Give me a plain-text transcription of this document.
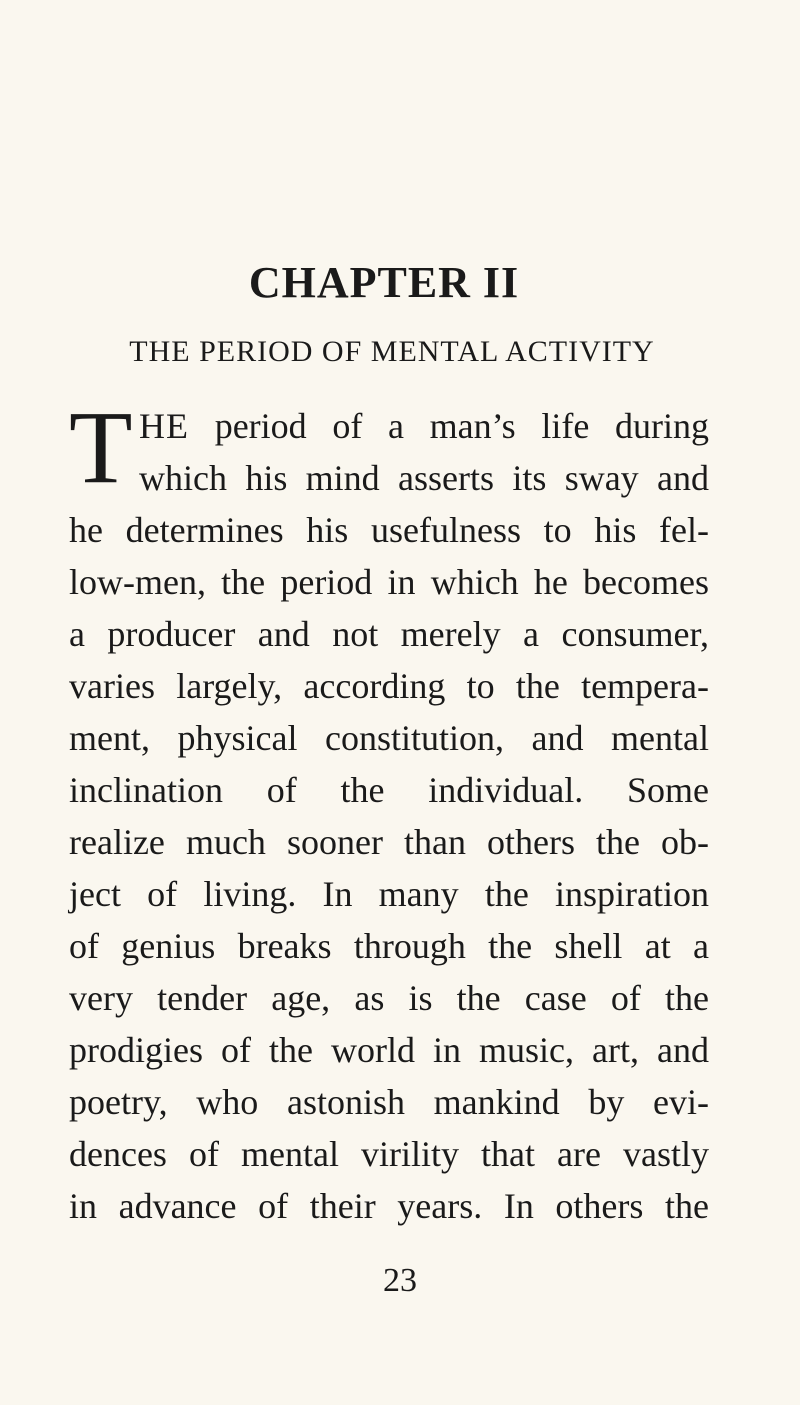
CHAPTER II
THE PERIOD OF MENTAL ACTIVITY
T HE period of a man’s life during
which his mind asserts its sway and
he determines his usefulness to his fel-
low-men, the period in which he becomes
a producer and not merely a consumer,
varies largely, according to the tempera-
ment, physical constitution, and mental
inclination of the individual. Some
realize much sooner than others the ob-
ject of living. In many the inspiration
of genius breaks through the shell at a
very tender age, as is the case of the
prodigies of the world in music, art, and
poetry, who astonish mankind by evi-
dences of mental virility that are vastly
in advance of their years. In others the
23
